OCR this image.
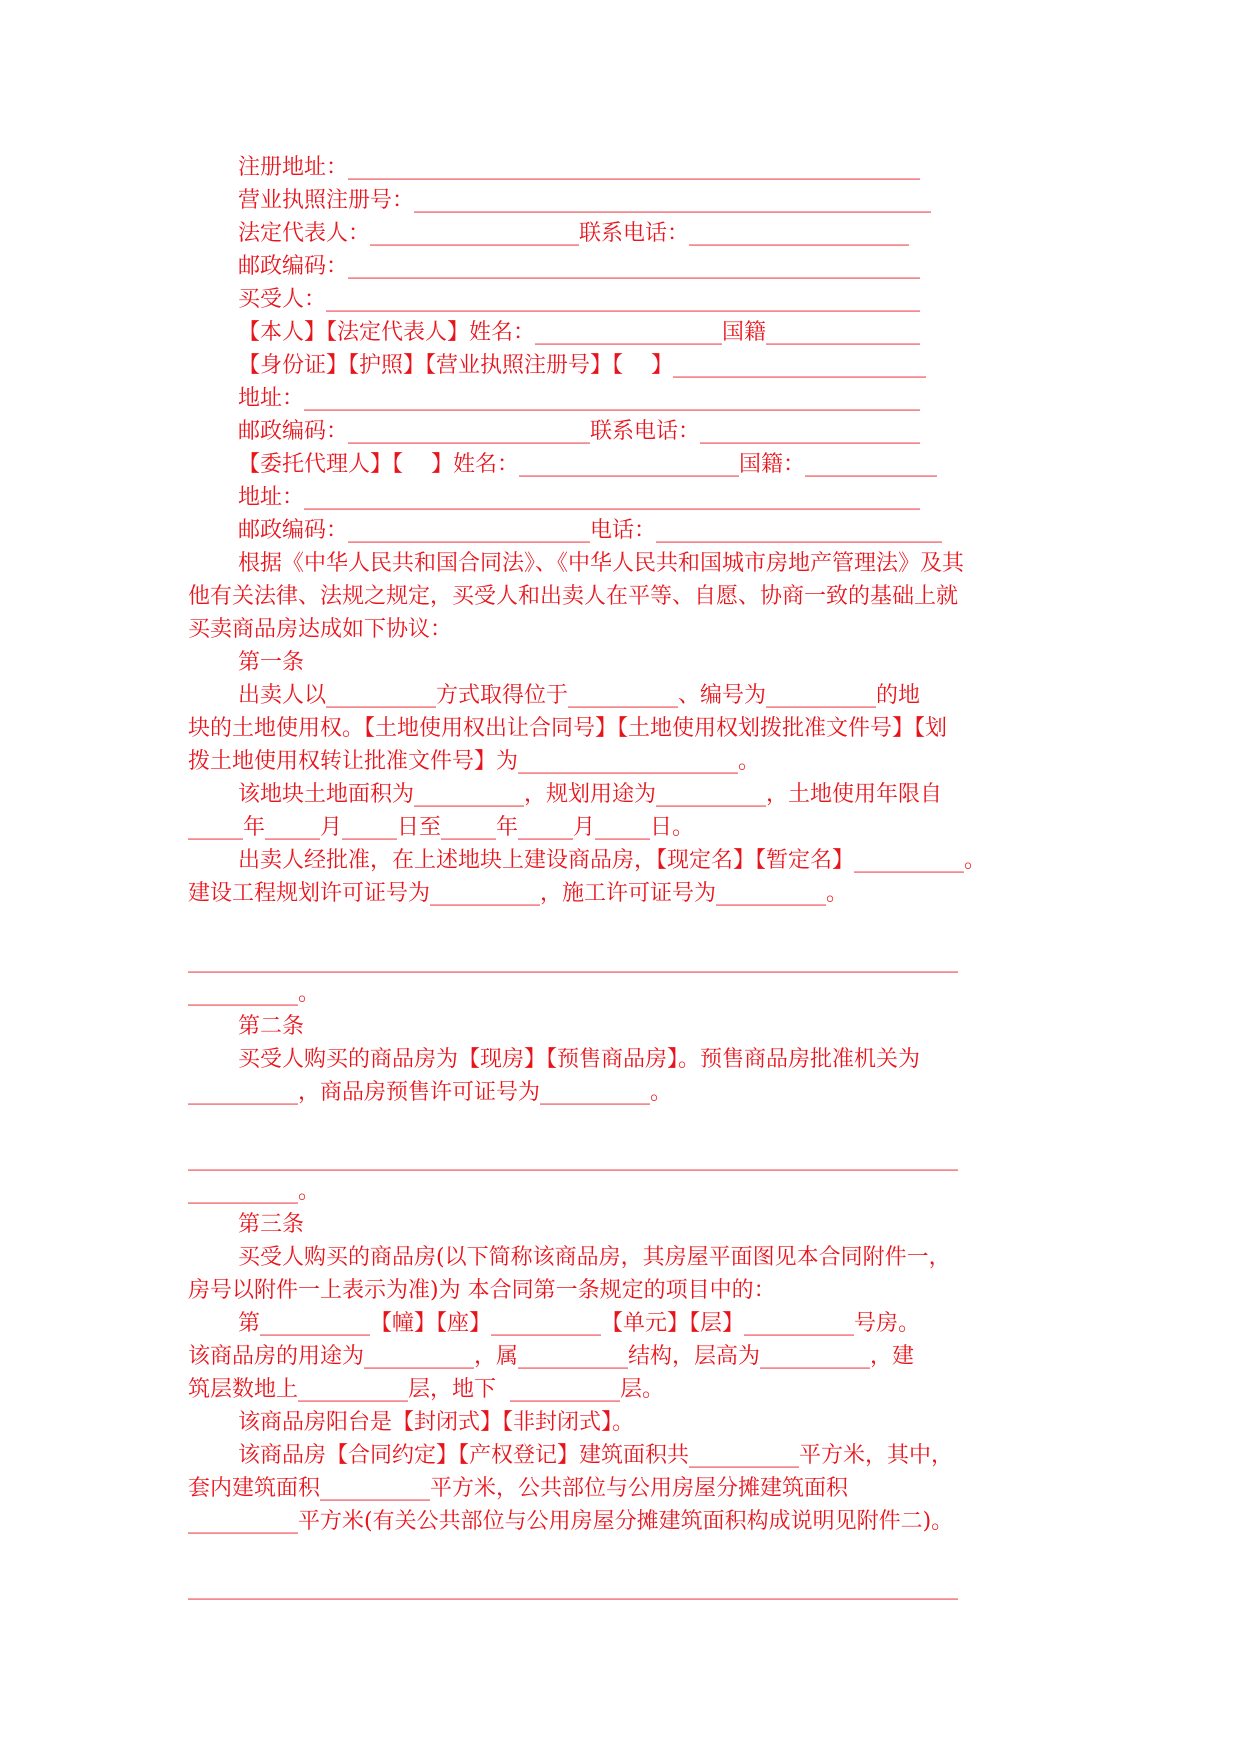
注册地址：____________________________________________________
营业执照注册号：_______________________________________________
法定代表人：___________________联系电话：____________________
邮政编码：____________________________________________________
买受人：______________________________________________________
【本人】【法定代表人】姓名：_________________国籍______________
【身份证】【护照】【营业执照注册号】【    】_______________________
地址：________________________________________________________
邮政编码：______________________联系电话：____________________
【委托代理人】【    】姓名：____________________国籍：____________
地址：________________________________________________________
邮政编码：______________________电话：__________________________
根据《中华人民共和国合同法》、《中华人民共和国城市房地产管理法》及其
他有关法律、法规之规定，买受人和出卖人在平等、自愿、协商一致的基础上就
买卖商品房达成如下协议：
第一条
出卖人以__________方式取得位于__________、编号为__________的地
块的土地使用权。【土地使用权出让合同号】【土地使用权划拨批准文件号】【划
拨土地使用权转让批准文件号】为____________________。
该地块土地面积为__________，规划用途为__________，土地使用年限自
_____年_____月_____日至_____年_____月_____日。
出卖人经批准，在上述地块上建设商品房，【现定名】【暂定名】__________。
建设工程规划许可证号为__________，施工许可证号为__________。
______________________________________________________________________
__________。
第二条
买受人购买的商品房为【现房】【预售商品房】。预售商品房批准机关为
__________，商品房预售许可证号为__________。
______________________________________________________________________
__________。
第三条
买受人购买的商品房(以下简称该商品房，其房屋平面图见本合同附件一，
房号以附件一上表示为准)为 本合同第一条规定的项目中的：
第__________【幢】【座】__________【单元】【层】__________号房。
该商品房的用途为__________，属__________结构，层高为__________，建
筑层数地上__________层，地下  __________层。
该商品房阳台是【封闭式】【非封闭式】。
该商品房【合同约定】【产权登记】建筑面积共__________平方米，其中，
套内建筑面积__________平方米，公共部位与公用房屋分摊建筑面积
__________平方米(有关公共部位与公用房屋分摊建筑面积构成说明见附件二)。
______________________________________________________________________
